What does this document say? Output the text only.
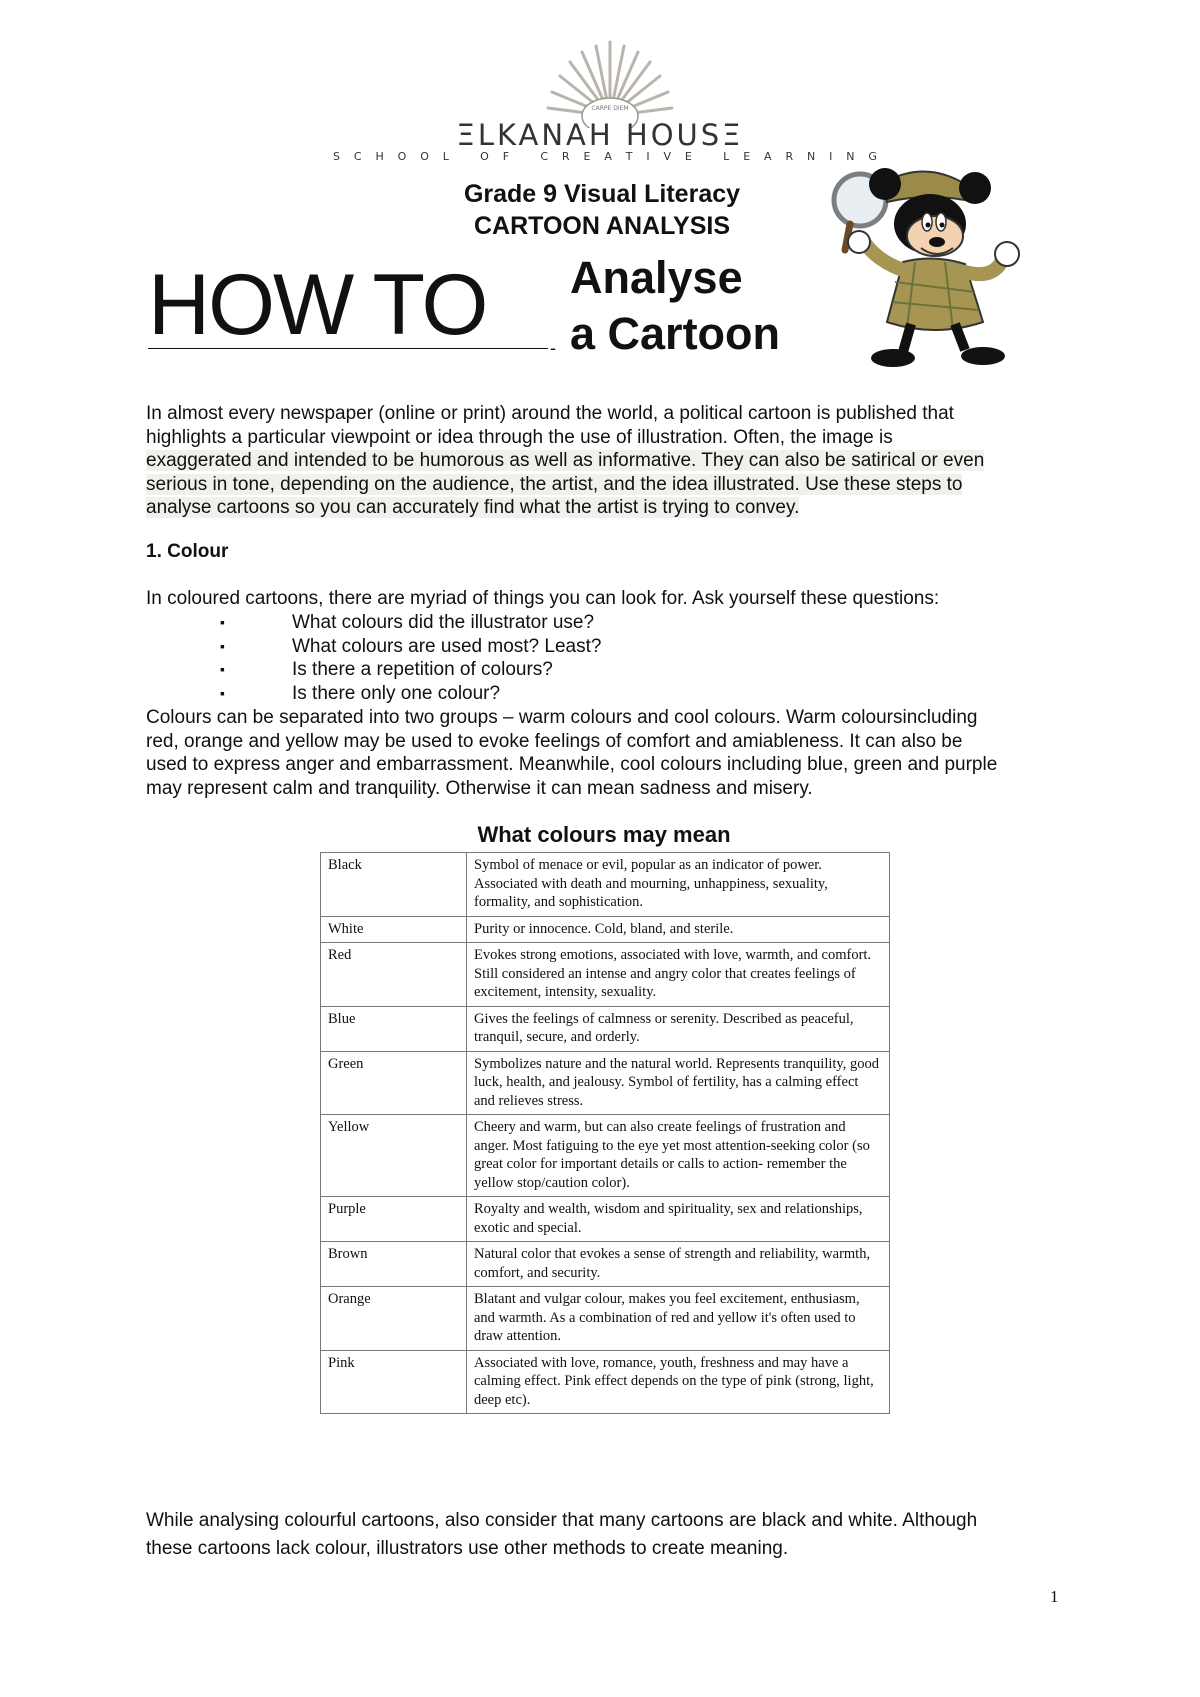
CARPE DIEM
ΞLKANAH HOUSΞ
S C H O O L
	O F
	C R E A T I V E
	L E A R N I N G
Grade 9 Visual Literacy
CARTOON ANALYSIS
HOW TO	-
Analyse
a Cartoon
In almost every newspaper (online or print) around the world, a political cartoon is published that
highlights a particular viewpoint or idea through the use of illustration. Often, the image is
exaggerated and intended to be humorous as well as informative. They can also be satirical or even
serious in tone, depending on the audience, the artist, and the idea illustrated. Use these steps to
analyse cartoons so you can accurately find what the artist is trying to convey.
1. Colour
In coloured cartoons, there are myriad of things you can look for. Ask yourself these questions:
▪	What colours did the illustrator use?
▪	What colours are used most? Least?
▪	Is there a repetition of colours?
▪	Is there only one colour?
Colours can be separated into two groups – warm colours and cool colours. Warm coloursincluding
red, orange and yellow may be used to evoke feelings of comfort and amiableness. It can also be
used to express anger and embarrassment. Meanwhile, cool colours including blue, green and purple
may represent calm and tranquility. Otherwise it can mean sadness and misery.
What colours may mean
Black	Symbol of menace or evil, popular as an indicator of power. Associated with death and mourning, unhappiness, sexuality, formality, and sophistication.
White	Purity or innocence. Cold, bland, and sterile.
Red	Evokes strong emotions, associated with love, warmth, and comfort. Still considered an intense and angry color that creates feelings of excitement, intensity, sexuality.
Blue	Gives the feelings of calmness or serenity. Described as peaceful, tranquil, secure, and orderly.
Green	Symbolizes nature and the natural world. Represents tranquility, good luck, health, and jealousy. Symbol of fertility, has a calming effect and relieves stress.
Yellow	Cheery and warm, but can also create feelings of frustration and anger. Most fatiguing to the eye yet most attention-seeking color (so great color for important details or calls to action- remember the yellow stop/caution color).
Purple	Royalty and wealth, wisdom and spirituality, sex and relationships, exotic and special.
Brown	Natural color that evokes a sense of strength and reliability, warmth, comfort, and security.
Orange	Blatant and vulgar colour, makes you feel excitement, enthusiasm, and warmth. As a combination of red and yellow it's often used to draw attention.
Pink	Associated with love, romance, youth, freshness and may have a calming effect. Pink effect depends on the type of pink (strong, light, deep etc).
While analysing colourful cartoons, also consider that many cartoons are black and white. Although
these cartoons lack colour, illustrators use other methods to create meaning.
1
